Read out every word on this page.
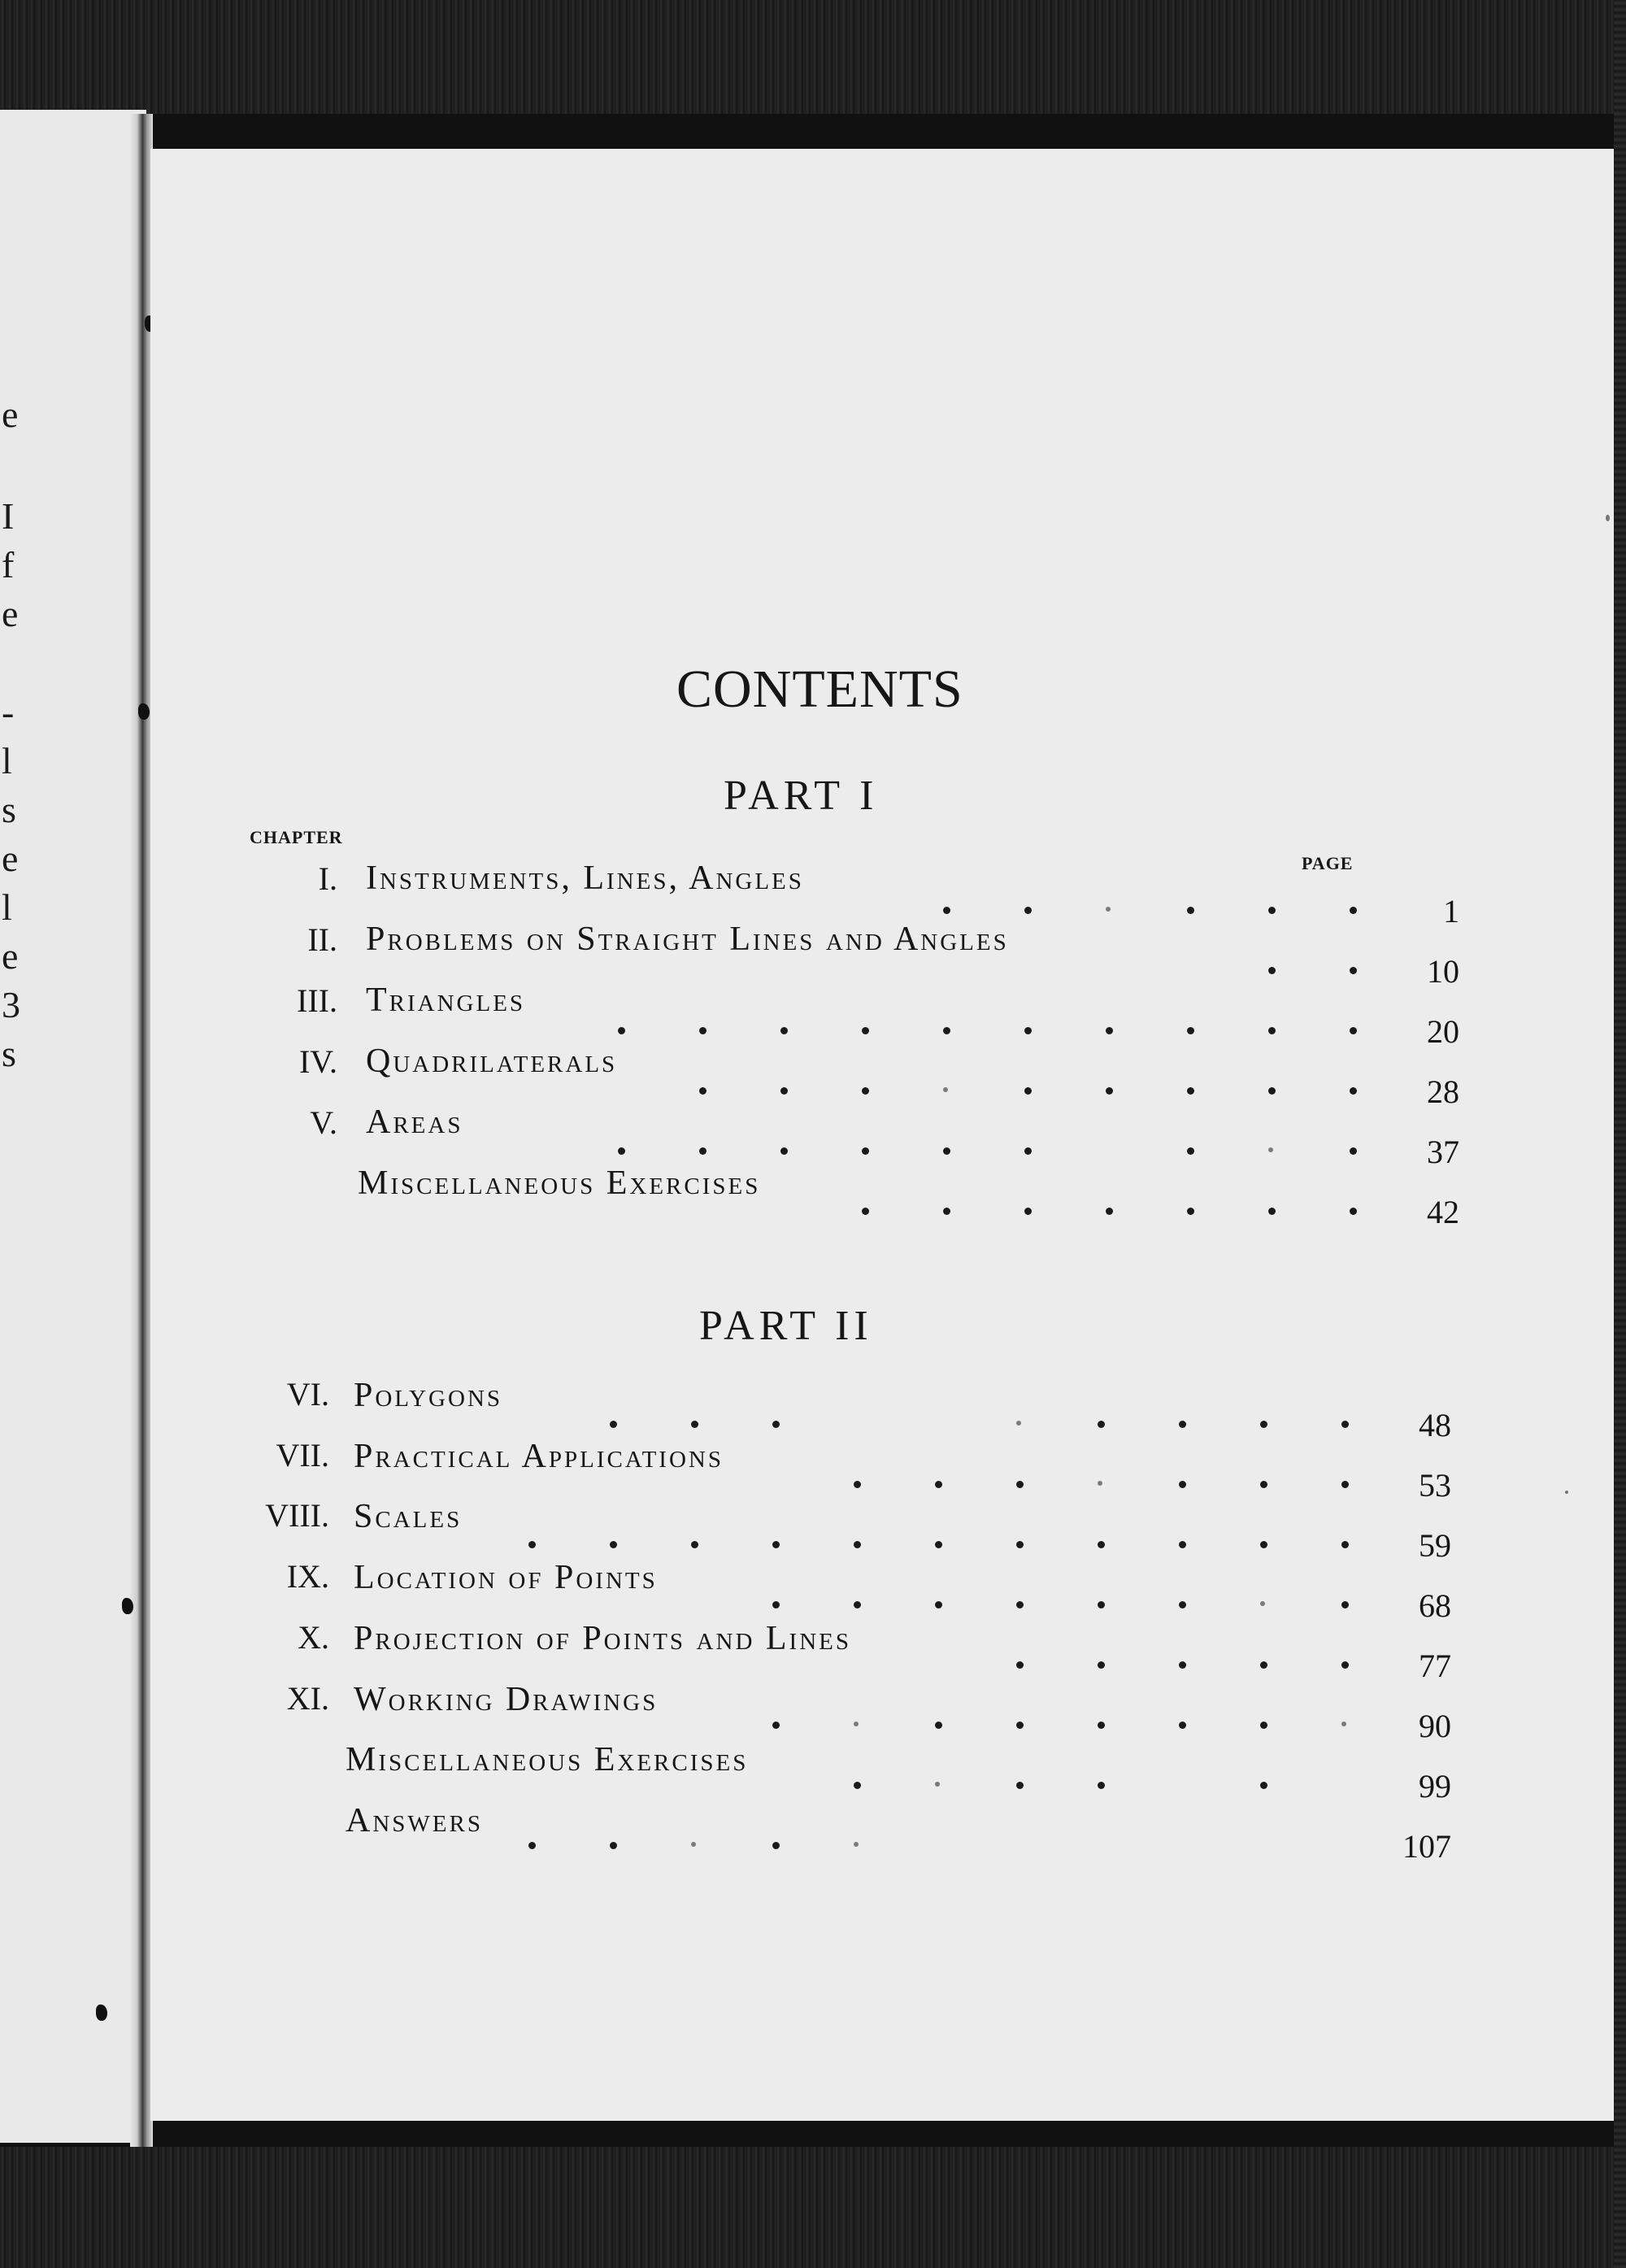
e
I
f
e
-
l
s
e
l
e
3
s
CONTENTS
PART I
CHAPTER
PAGE
I. Instruments, Lines, Angles
1
II. Problems on Straight Lines and Angles
10
III. Triangles
20
IV. Quadrilaterals
28
V. Areas
37
Miscellaneous Exercises
42
PART II
VI. Polygons
48
VII. Practical Applications
53
VIII. Scales
59
IX. Location of Points
68
X. Projection of Points and Lines
77
XI. Working Drawings
90
Miscellaneous Exercises
99
Answers
107
